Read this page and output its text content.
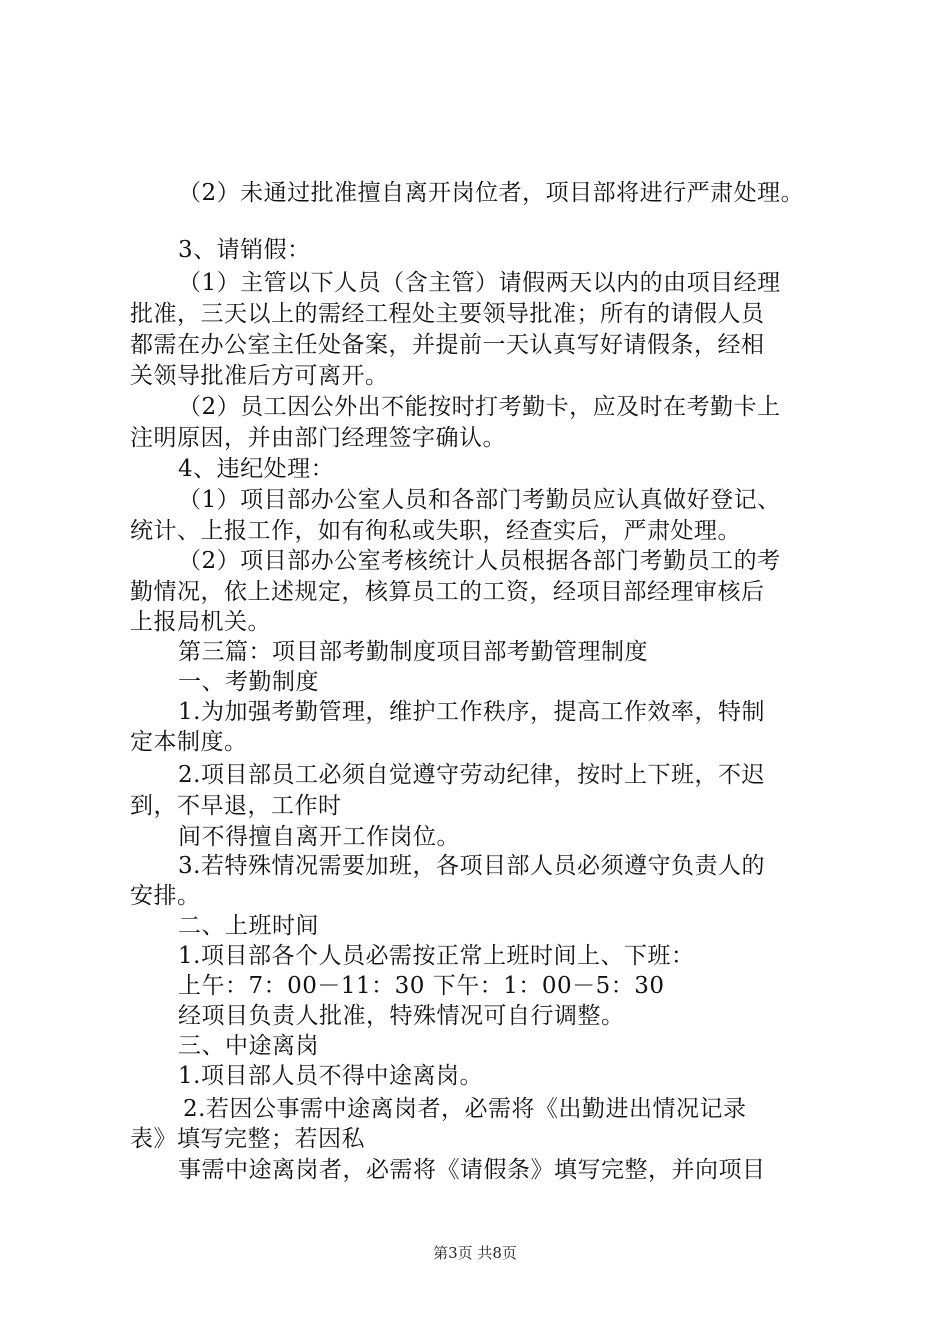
（2）未通过批准擅自离开岗位者，项目部将进行严肃处理。
3、请销假：
（1）主管以下人员（含主管）请假两天以内的由项目经理
批准，三天以上的需经工程处主要领导批准；所有的请假人员
都需在办公室主任处备案，并提前一天认真写好请假条，经相
关领导批准后方可离开。
（2）员工因公外出不能按时打考勤卡，应及时在考勤卡上
注明原因，并由部门经理签字确认。
4、违纪处理：
（1）项目部办公室人员和各部门考勤员应认真做好登记、
统计、上报工作，如有徇私或失职，经查实后，严肃处理。
（2）项目部办公室考核统计人员根据各部门考勤员工的考
勤情况，依上述规定，核算员工的工资，经项目部经理审核后
上报局机关。
第三篇：项目部考勤制度项目部考勤管理制度
一、考勤制度
1.为加强考勤管理，维护工作秩序，提高工作效率，特制
定本制度。
2.项目部员工必须自觉遵守劳动纪律，按时上下班，不迟
到，不早退，工作时
间不得擅自离开工作岗位。
3.若特殊情况需要加班，各项目部人员必须遵守负责人的
安排。
二、上班时间
1.项目部各个人员必需按正常上班时间上、下班：
上午：7：00－11：30 下午：1：00－5：30
经项目负责人批准，特殊情况可自行调整。
三、中途离岗
1.项目部人员不得中途离岗。
2.若因公事需中途离岗者，必需将《出勤进出情况记录
表》填写完整；若因私
事需中途离岗者，必需将《请假条》填写完整，并向项目
第3页 共8页
